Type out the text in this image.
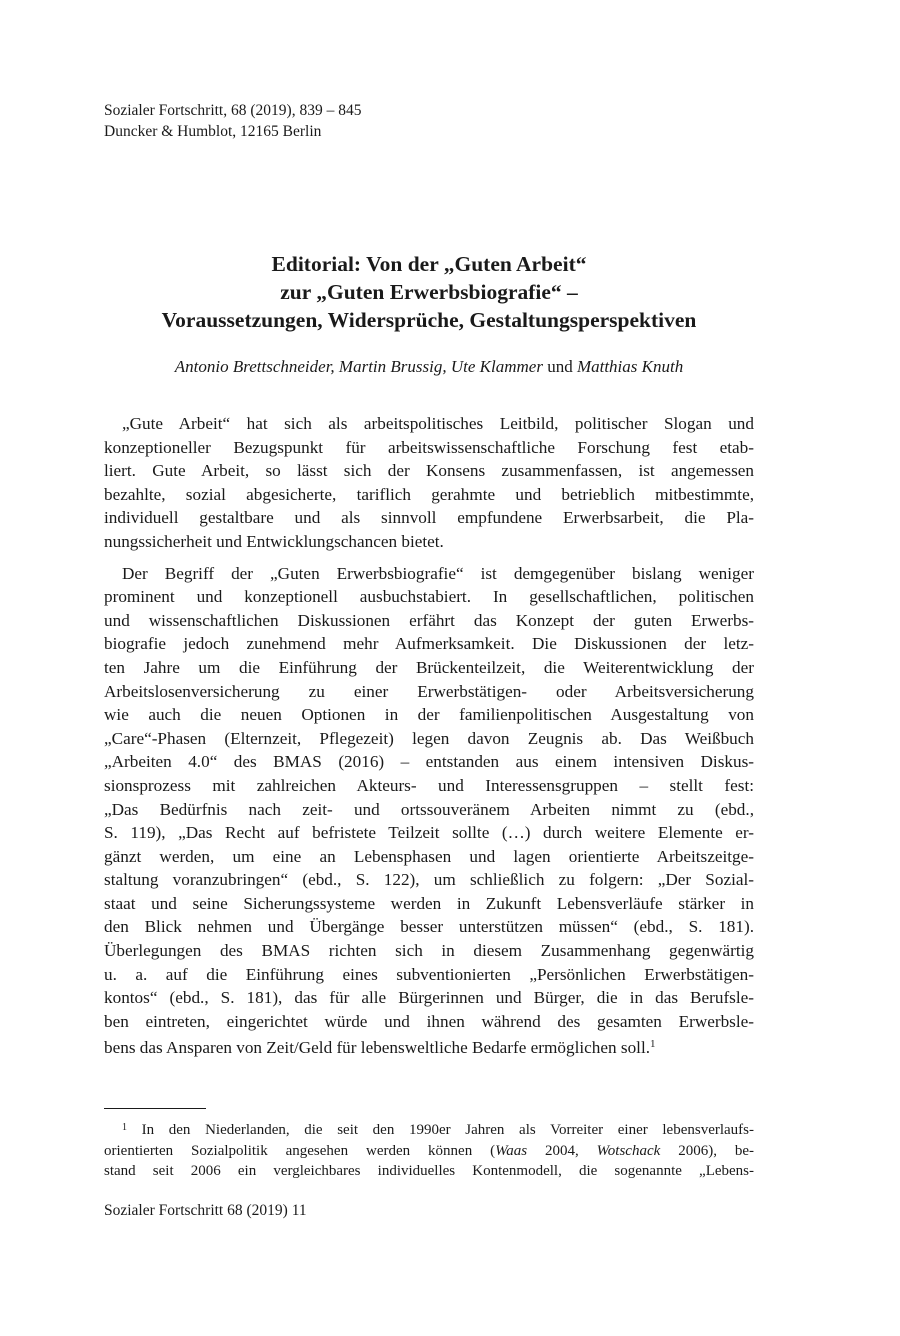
Sozialer Fortschritt, 68 (2019), 839 – 845
Duncker & Humblot, 12165 Berlin
Editorial: Von der „Guten Arbeit“
zur „Guten Erwerbsbiografie“ –
Voraussetzungen, Widersprüche, Gestaltungsperspektiven
Antonio Brettschneider, Martin Brussig, Ute Klammer und Matthias Knuth
„Gute Arbeit“ hat sich als arbeitspolitisches Leitbild, politischer Slogan und
konzeptioneller Bezugspunkt für arbeitswissenschaftliche Forschung fest etab-
liert. Gute Arbeit, so lässt sich der Konsens zusammenfassen, ist angemessen
bezahlte, sozial abgesicherte, tariflich gerahmte und betrieblich mitbestimmte,
individuell gestaltbare und als sinnvoll empfundene Erwerbsarbeit, die Pla-
nungssicherheit und Entwicklungschancen bietet.
Der Begriff der „Guten Erwerbsbiografie“ ist demgegenüber bislang weniger
prominent und konzeptionell ausbuchstabiert. In gesellschaftlichen, politischen
und wissenschaftlichen Diskussionen erfährt das Konzept der guten Erwerbs-
biografie jedoch zunehmend mehr Aufmerksamkeit. Die Diskussionen der letz-
ten Jahre um die Einführung der Brückenteilzeit, die Weiterentwicklung der
Arbeitslosenversicherung zu einer Erwerbstätigen- oder Arbeitsversicherung
wie auch die neuen Optionen in der familienpolitischen Ausgestaltung von
„Care“-Phasen (Elternzeit, Pflegezeit) legen davon Zeugnis ab. Das Weißbuch
„Arbeiten 4.0“ des BMAS (2016) – entstanden aus einem intensiven Diskus-
sionsprozess mit zahlreichen Akteurs- und Interessensgruppen – stellt fest:
„Das Bedürfnis nach zeit- und ortssouveränem Arbeiten nimmt zu (ebd.,
S. 119), „Das Recht auf befristete Teilzeit sollte (…) durch weitere Elemente er-
gänzt werden, um eine an Lebensphasen und lagen orientierte Arbeitszeitge-
staltung voranzubringen“ (ebd., S. 122), um schließlich zu folgern: „Der Sozial-
staat und seine Sicherungssysteme werden in Zukunft Lebensverläufe stärker in
den Blick nehmen und Übergänge besser unterstützen müssen“ (ebd., S. 181).
Überlegungen des BMAS richten sich in diesem Zusammenhang gegenwärtig
u. a. auf die Einführung eines subventionierten „Persönlichen Erwerbstätigen-
kontos“ (ebd., S. 181), das für alle Bürgerinnen und Bürger, die in das Berufsle-
ben eintreten, eingerichtet würde und ihnen während des gesamten Erwerbsle-
bens das Ansparen von Zeit/Geld für lebensweltliche Bedarfe ermöglichen soll.$^1$
$^1$ In den Niederlanden, die seit den 1990er Jahren als Vorreiter einer lebensverlaufs-
orientierten Sozialpolitik angesehen werden können (Waas 2004, Wotschack 2006), be-
stand seit 2006 ein vergleichbares individuelles Kontenmodell, die sogenannte „Lebens-
Sozialer Fortschritt 68 (2019) 11
